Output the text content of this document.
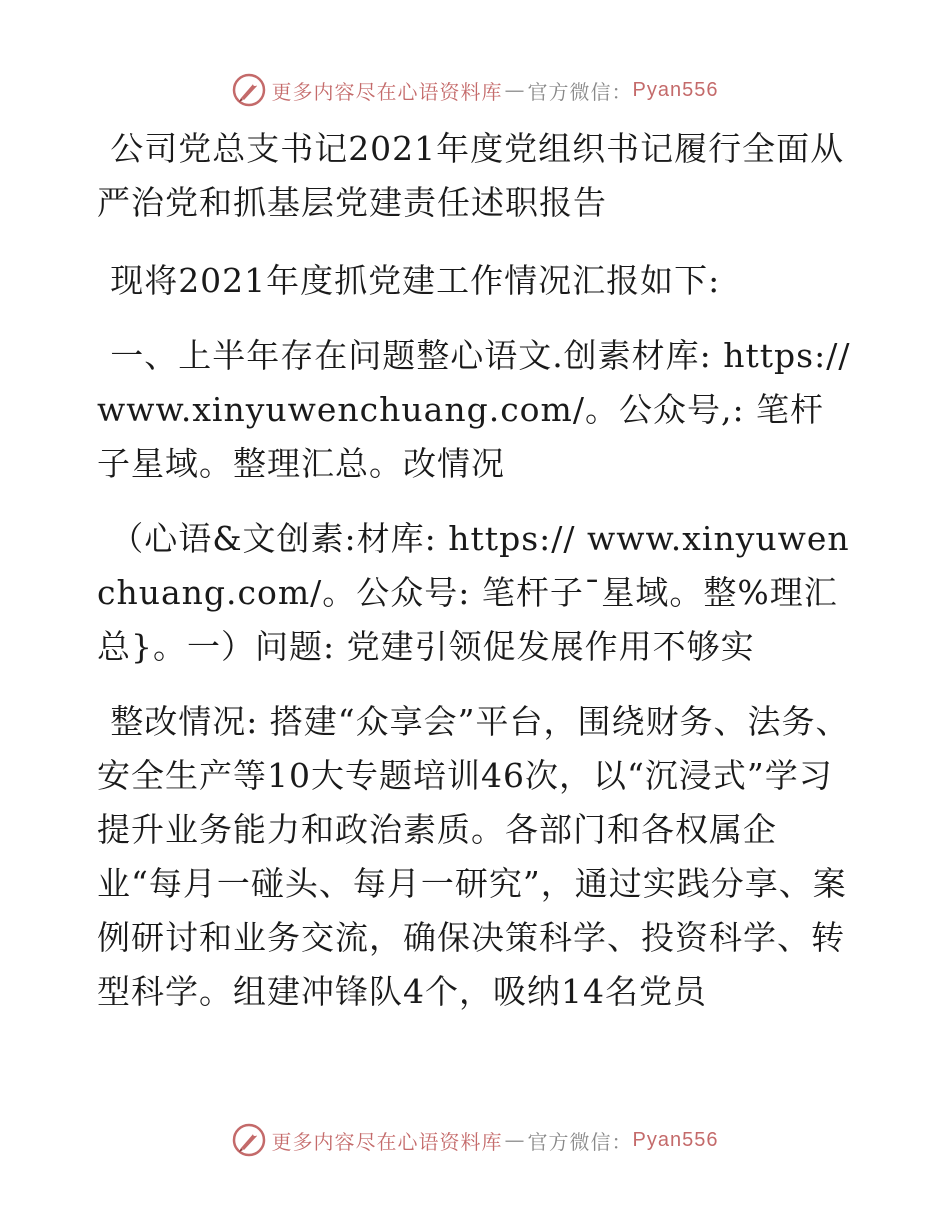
更多内容尽在心语资料库 — 官方微信： Pyan556

公司党总支书记2021年度党组织书记履行全面从严治党和抓基层党建责任述职报告

现将2021年度抓党建工作情况汇报如下:

一、上半年存在问题整心语文.创素材库: https://www.xinyuwenchuang.com/。公众号,: 笔杆子星域。整理汇总。改情况

（心语&文创素:材库: https:// www.xinyuwenchuang.com/。公众号: 笔杆子¯星域。整%理汇总}。一）问题: 党建引领促发展作用不够实

整改情况: 搭建“众享会”平台，围绕财务、法务、安全生产等10大专题培训46次，以“沉浸式”学习提升业务能力和政治素质。各部门和各权属企业“每月一碰头、每月一研究”，通过实践分享、案例研讨和业务交流，确保决策科学、投资科学、转型科学。组建冲锋队4个，吸纳14名党员

更多内容尽在心语资料库 — 官方微信： Pyan556
